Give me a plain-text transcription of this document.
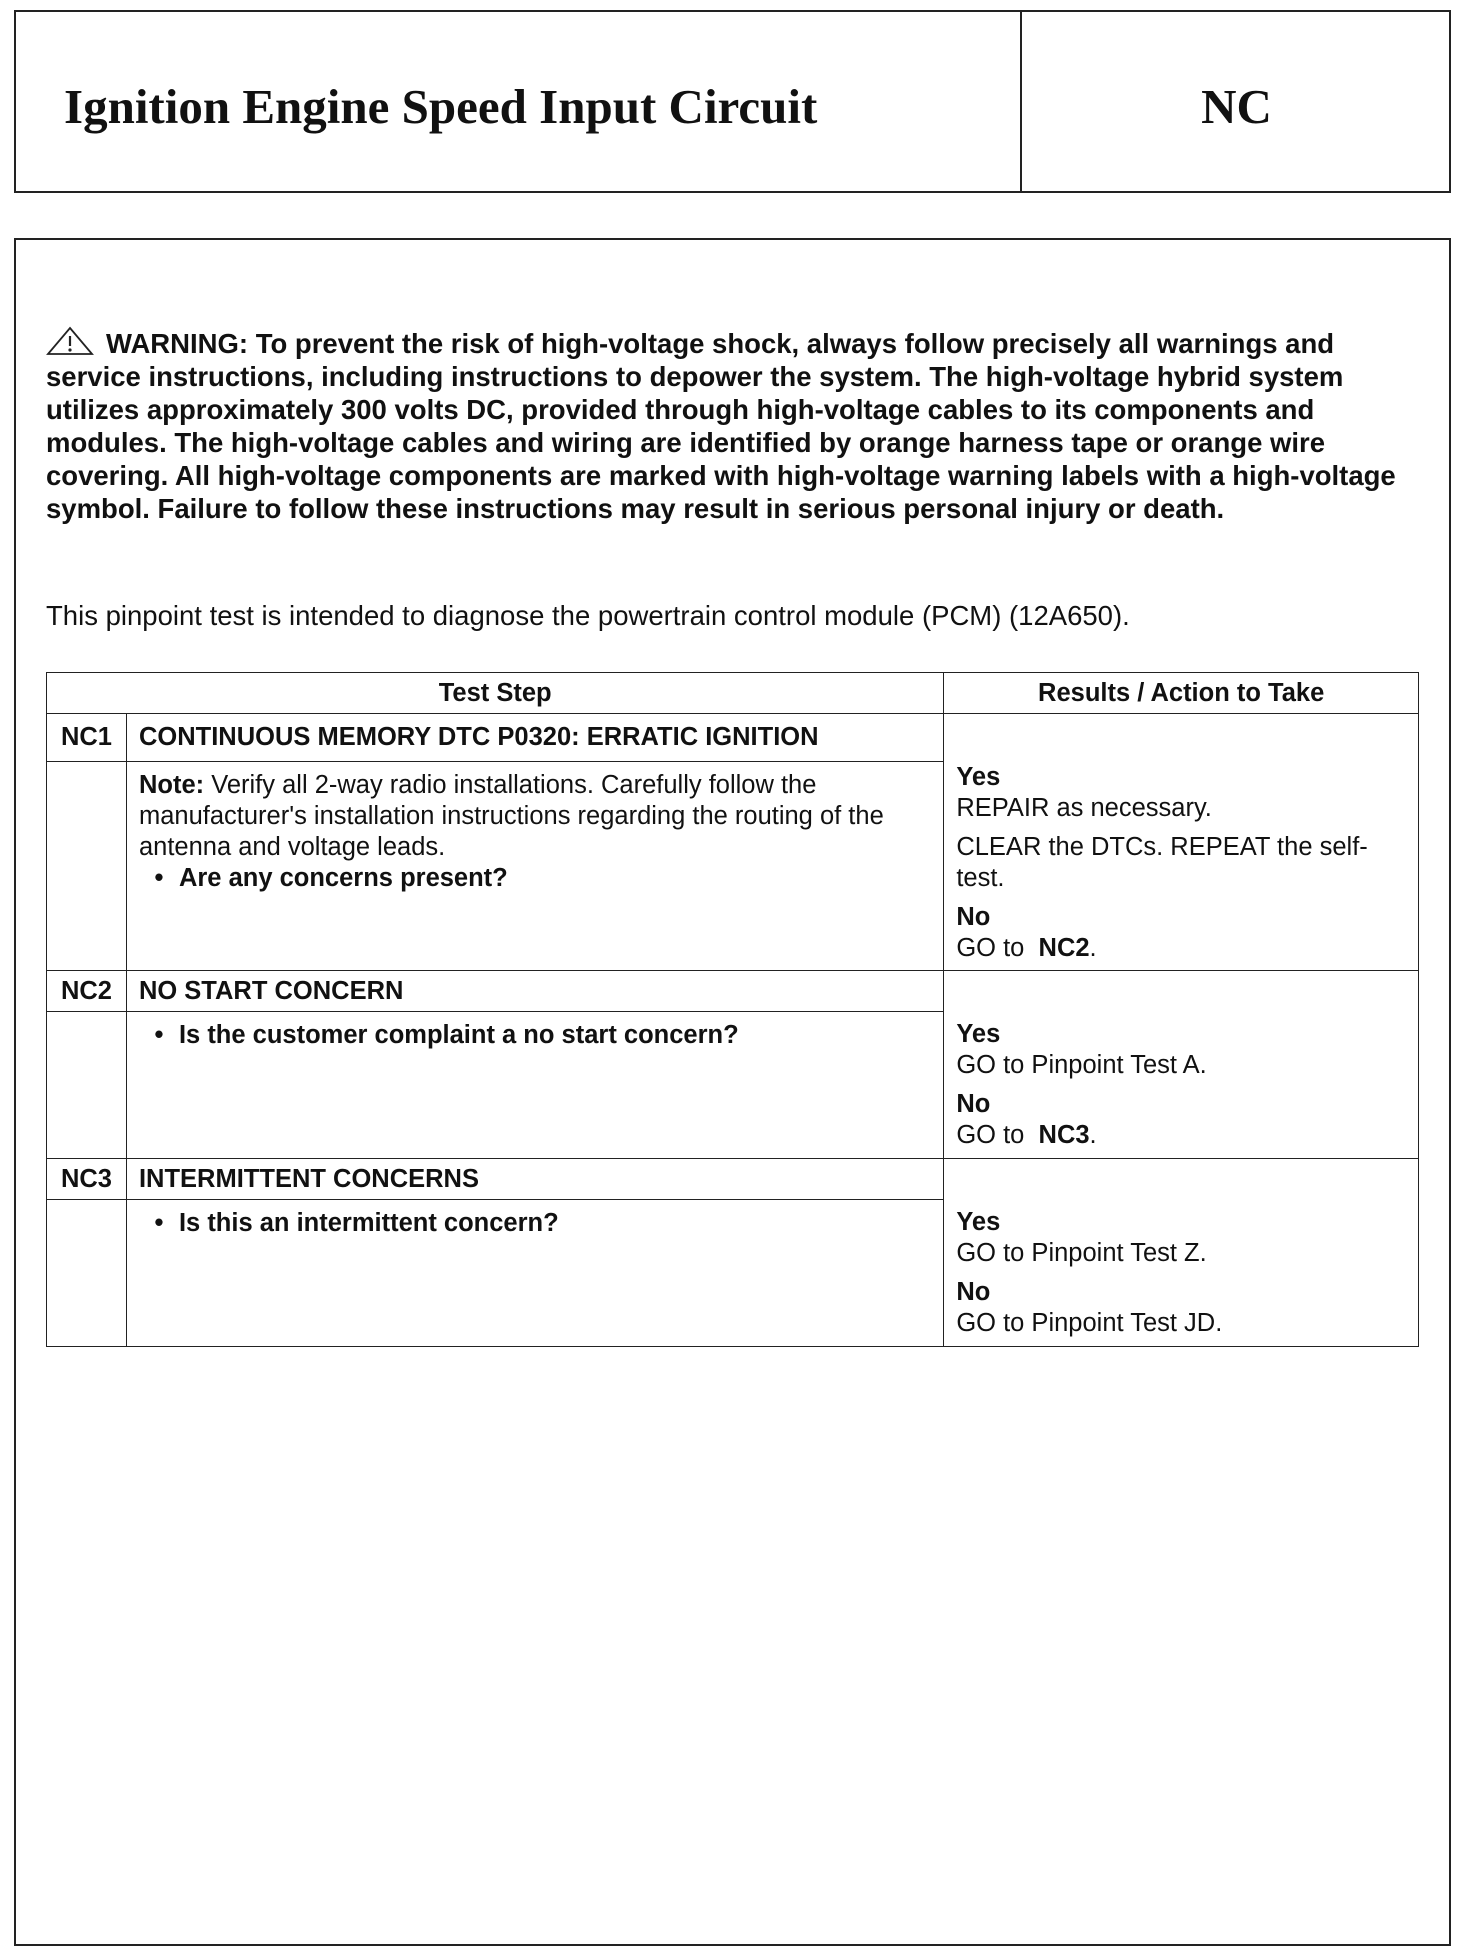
Ignition Engine Speed Input Circuit	NC
WARNING: To prevent the risk of high-voltage shock, always follow precisely all warnings and service instructions, including instructions to depower the system. The high-voltage hybrid system utilizes approximately 300 volts DC, provided through high-voltage cables to its components and modules. The high-voltage cables and wiring are identified by orange harness tape or orange wire covering. All high-voltage components are marked with high-voltage warning labels with a high-voltage symbol. Failure to follow these instructions may result in serious personal injury or death.
This pinpoint test is intended to diagnose the powertrain control module (PCM) (12A650).
Test Step		Results / Action to Take
NC1	CONTINUOUS MEMORY DTC P0320: ERRATIC IGNITION	Yes
REPAIR as necessary.
CLEAR the DTCs. REPEAT the self-test.
No
GO to NC2.

	Note: Verify all 2-way radio installations. Carefully follow the manufacturer's installation instructions regarding the routing of the antenna and voltage leads.
• Are any concerns present?	

NC2	NO START CONCERN	Yes
GO to Pinpoint Test A.
No
GO to NC3.

	• Is the customer complaint a no start concern?	

NC3	INTERMITTENT CONCERNS	Yes
GO to Pinpoint Test Z.
No
GO to Pinpoint Test JD.

	• Is this an intermittent concern?	
